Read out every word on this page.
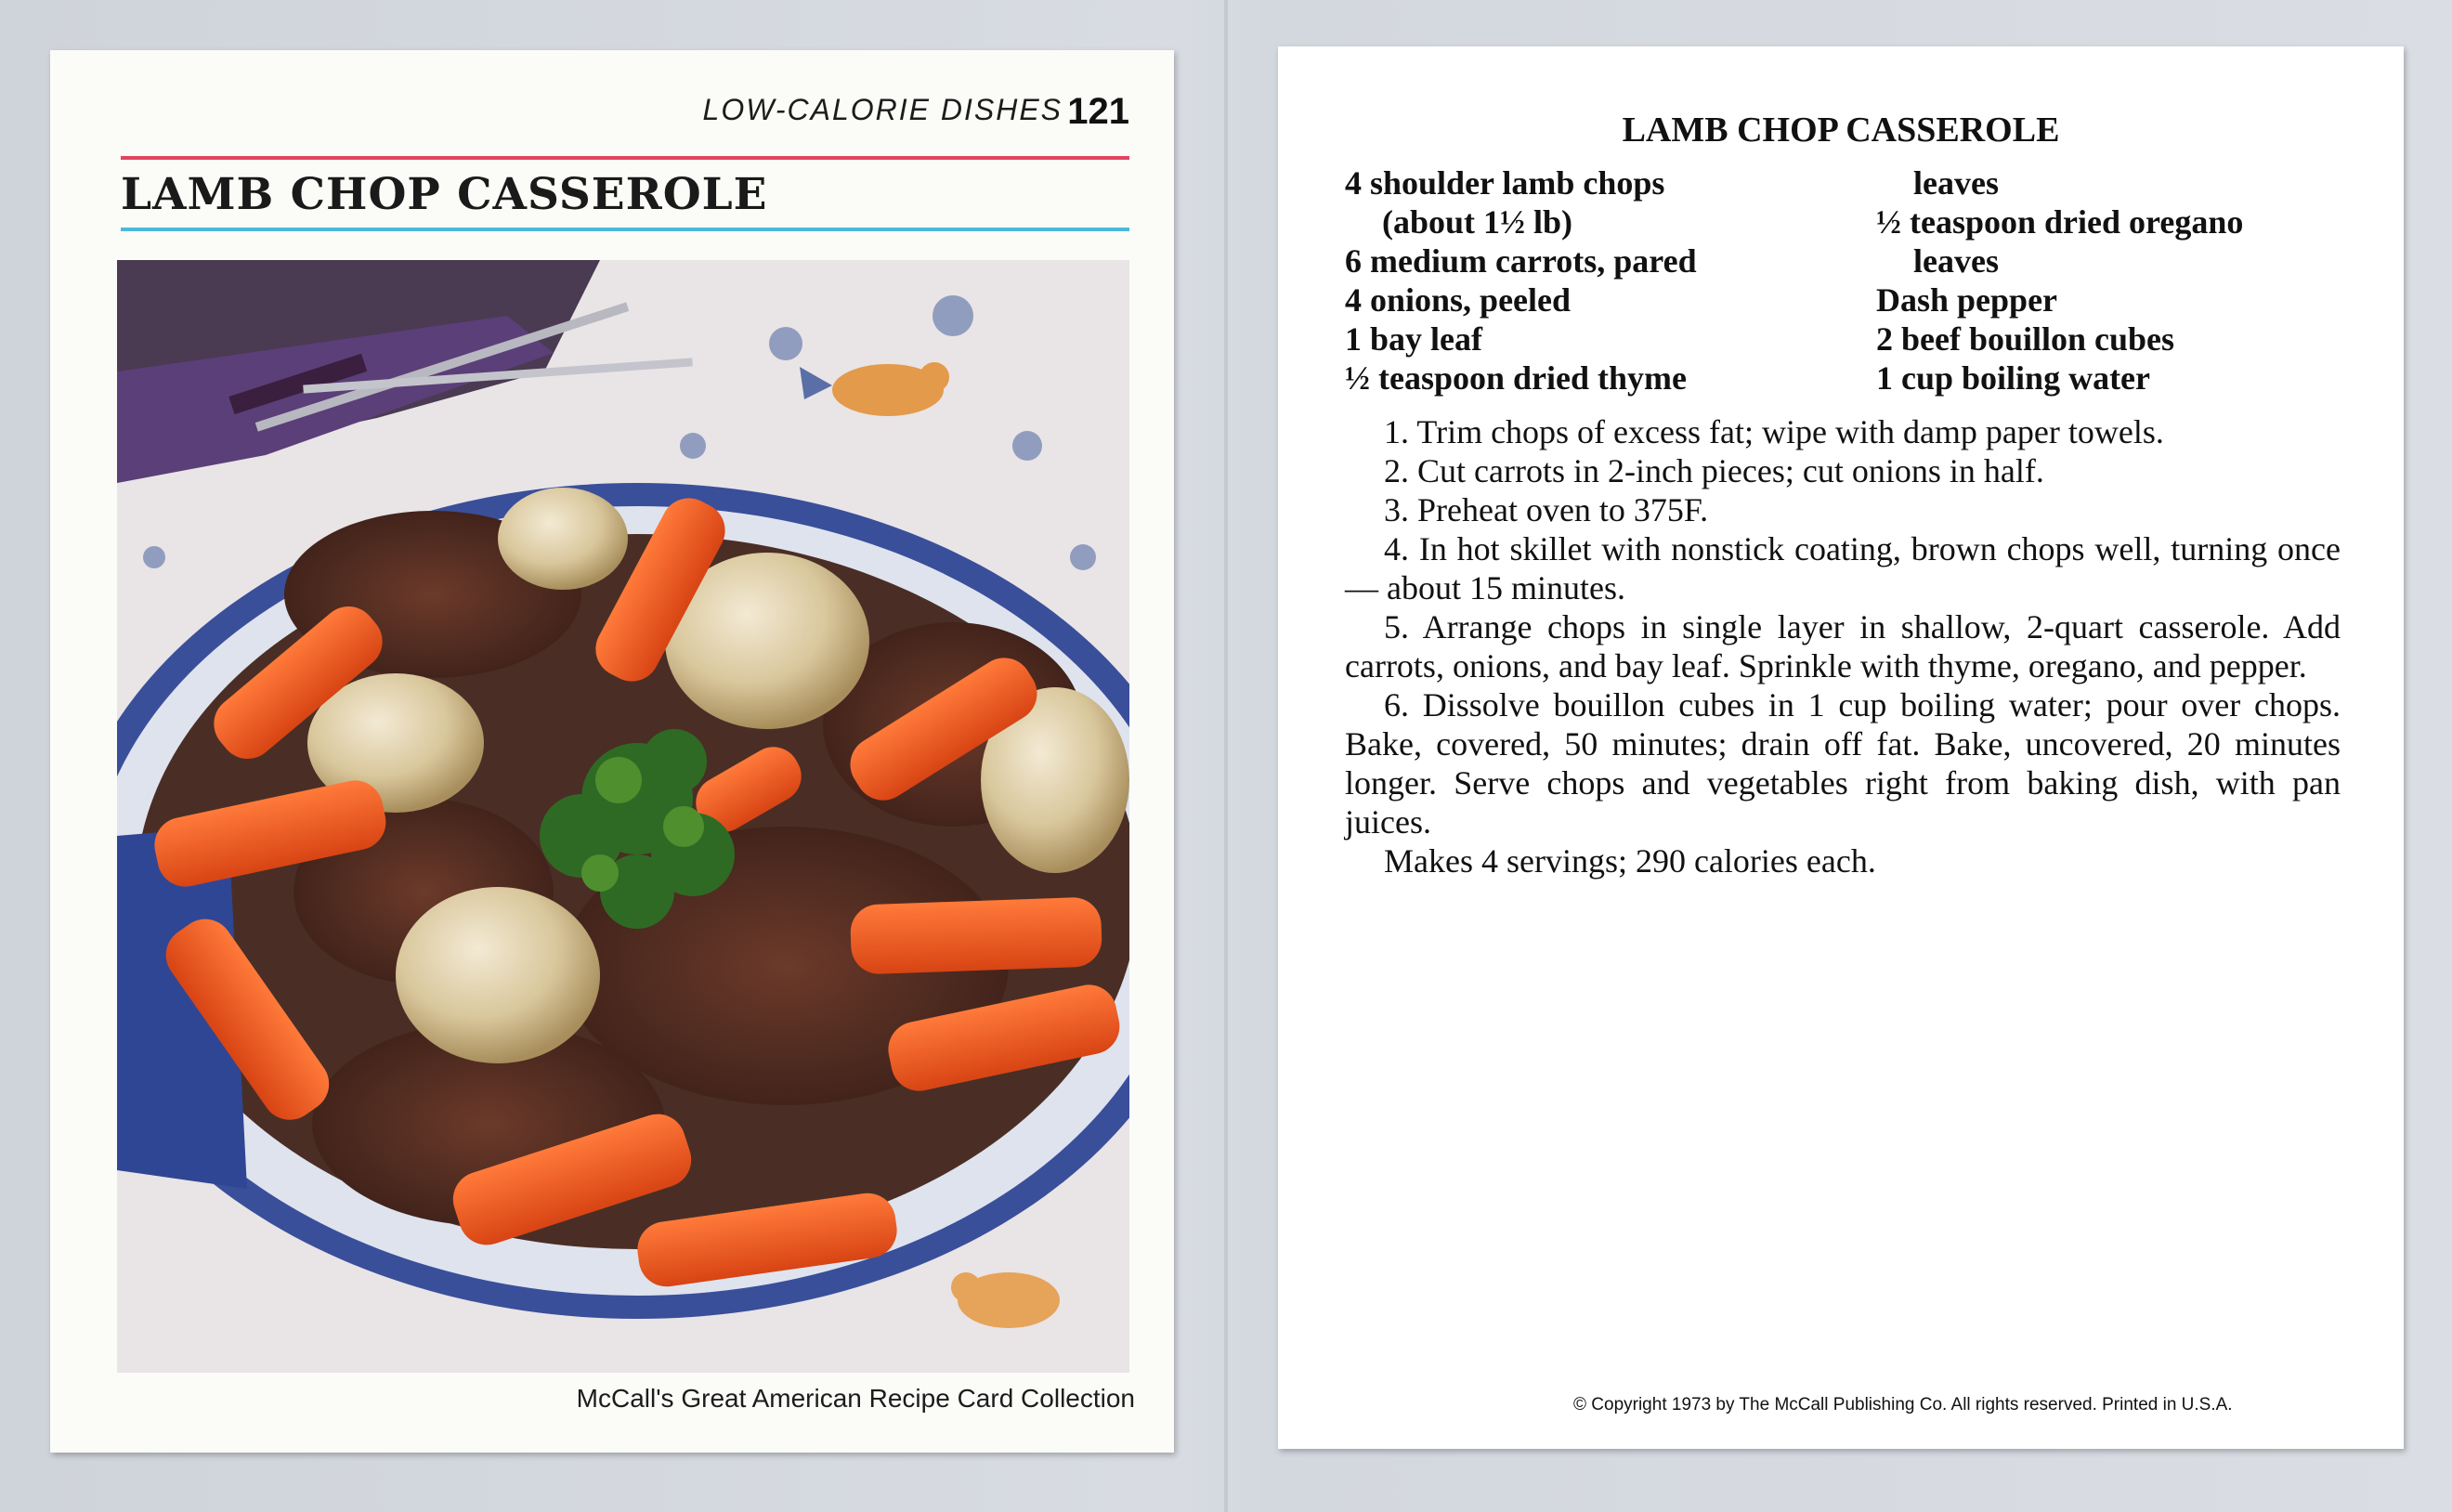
LOW-CALORIE DISHES 121
LAMB CHOP CASSEROLE
McCall's Great American Recipe Card Collection
LAMB CHOP CASSEROLE
4 shoulder lamb chops
(about 1½ lb)
6 medium carrots, pared
4 onions, peeled
1 bay leaf
½ teaspoon dried thyme
leaves
½ teaspoon dried oregano
leaves
Dash pepper
2 beef bouillon cubes
1 cup boiling water

1. Trim chops of excess fat; wipe with damp paper towels.

2. Cut carrots in 2-inch pieces; cut onions in half.

3. Preheat oven to 375F.

4. In hot skillet with nonstick coating, brown chops well, turning once — about 15 minutes.

5. Arrange chops in single layer in shallow, 2-quart casserole. Add carrots, onions, and bay leaf. Sprinkle with thyme, oregano, and pepper.

6. Dissolve bouillon cubes in 1 cup boiling water; pour over chops. Bake, covered, 50 minutes; drain off fat. Bake, uncovered, 20 minutes longer. Serve chops and vegetables right from baking dish, with pan juices.

Makes 4 servings; 290 calories each.

© Copyright 1973 by The McCall Publishing Co. All rights reserved. Printed in U.S.A.
